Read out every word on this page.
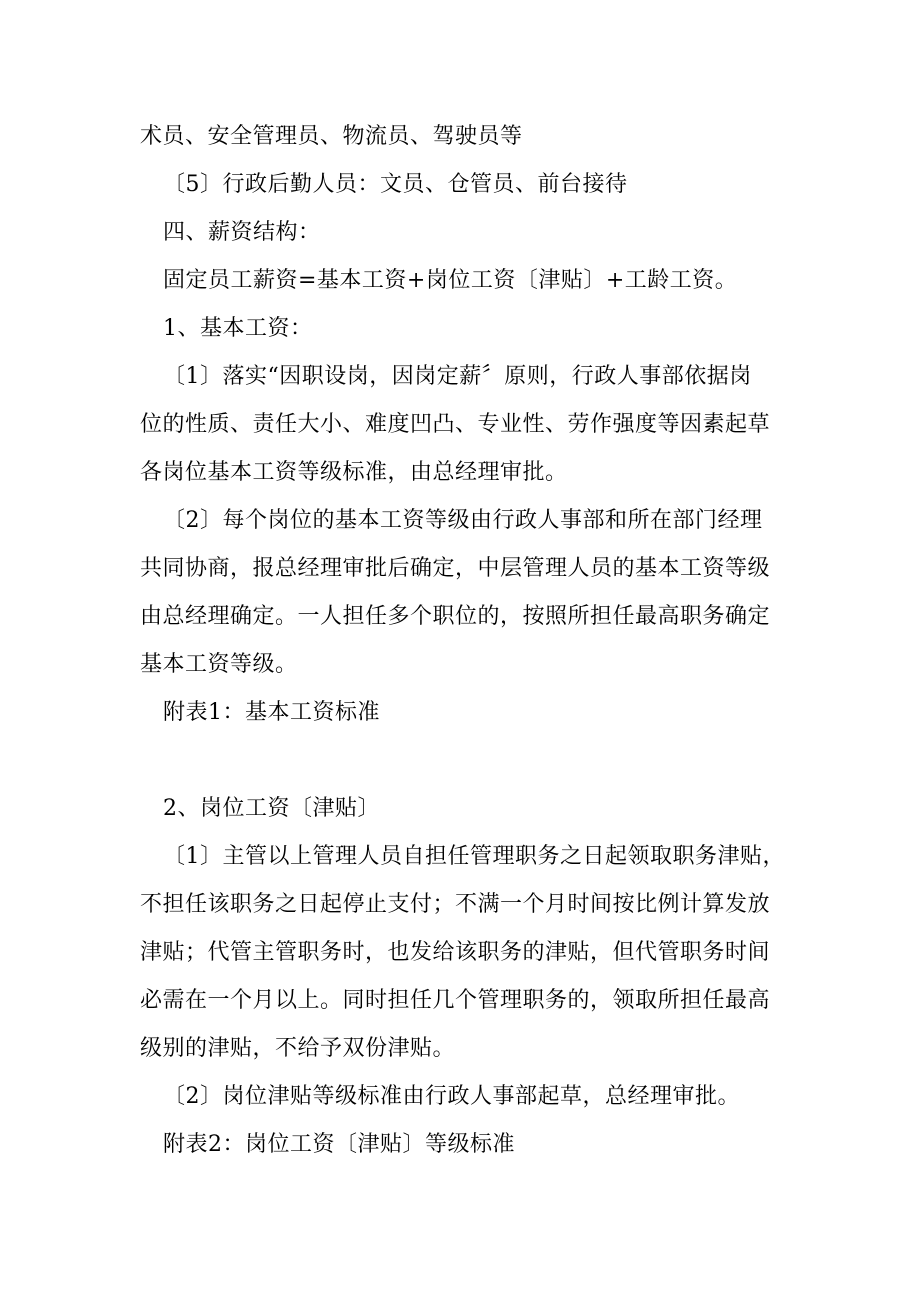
术员、安全管理员、物流员、驾驶员等
〔5〕行政后勤人员：文员、仓管员、前台接待
四、薪资结构：
固定员工薪资=基本工资+岗位工资〔津贴〕+工龄工资。
1、基本工资：
〔1〕落实“因职设岗，因岗定薪〞原则，行政人事部依据岗
位的性质、责任大小、难度凹凸、专业性、劳作强度等因素起草
各岗位基本工资等级标准，由总经理审批。
〔2〕每个岗位的基本工资等级由行政人事部和所在部门经理
共同协商，报总经理审批后确定，中层管理人员的基本工资等级
由总经理确定。一人担任多个职位的，按照所担任最高职务确定
基本工资等级。
附表1：基本工资标准
2、岗位工资〔津贴〕
〔1〕主管以上管理人员自担任管理职务之日起领取职务津贴，
不担任该职务之日起停止支付；不满一个月时间按比例计算发放
津贴；代管主管职务时，也发给该职务的津贴，但代管职务时间
必需在一个月以上。同时担任几个管理职务的，领取所担任最高
级别的津贴，不给予双份津贴。
〔2〕岗位津贴等级标准由行政人事部起草，总经理审批。
附表2：岗位工资〔津贴〕等级标准
